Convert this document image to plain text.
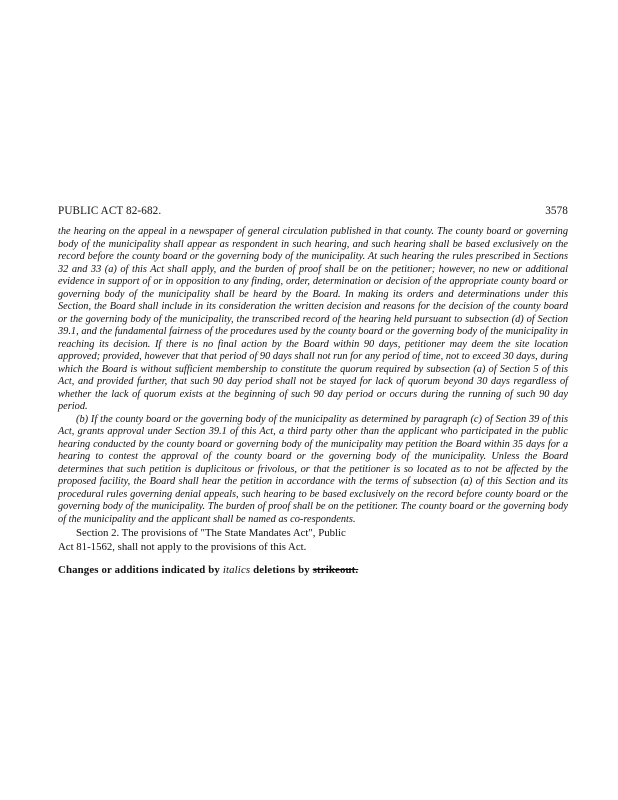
PUBLIC ACT 82-682.	3578

the hearing on the appeal in a newspaper of general circulation published in that county. The county board or governing body of the municipality shall appear as respondent in such hearing, and such hearing shall be based exclusively on the record before the county board or the governing body of the municipality. At such hearing the rules prescribed in Sections 32 and 33 (a) of this Act shall apply, and the burden of proof shall be on the petitioner; however, no new or additional evidence in support of or in opposition to any finding, order, determination or decision of the appropriate county board or governing body of the municipality shall be heard by the Board. In making its orders and determinations under this Section, the Board shall include in its consideration the written decision and reasons for the decision of the county board or the governing body of the municipality, the transcribed record of the hearing held pursuant to subsection (d) of Section 39.1, and the fundamental fairness of the procedures used by the county board or the governing body of the municipality in reaching its decision. If there is no final action by the Board within 90 days, petitioner may deem the site location approved; provided, however that that period of 90 days shall not run for any period of time, not to exceed 30 days, during which the Board is without sufficient membership to constitute the quorum required by subsection (a) of Section 5 of this Act, and provided further, that such 90 day period shall not be stayed for lack of quorum beyond 30 days regardless of whether the lack of quorum exists at the beginning of such 90 day period or occurs during the running of such 90 day period.

(b) If the county board or the governing body of the municipality as determined by paragraph (c) of Section 39 of this Act, grants approval under Section 39.1 of this Act, a third party other than the applicant who participated in the public hearing conducted by the county board or governing body of the municipality may petition the Board within 35 days for a hearing to contest the approval of the county board or the governing body of the municipality. Unless the Board determines that such petition is duplicitous or frivolous, or that the petitioner is so located as to not be affected by the proposed facility, the Board shall hear the petition in accordance with the terms of subsection (a) of this Section and its procedural rules governing denial appeals, such hearing to be based exclusively on the record before county board or the governing body of the municipality. The burden of proof shall be on the petitioner. The county board or the governing body of the municipality and the applicant shall be named as co-respondents.

Section 2. The provisions of "The State Mandates Act", Public
Act 81-1562, shall not apply to the provisions of this Act.
Changes or additions indicated by italics deletions by strikeout.
